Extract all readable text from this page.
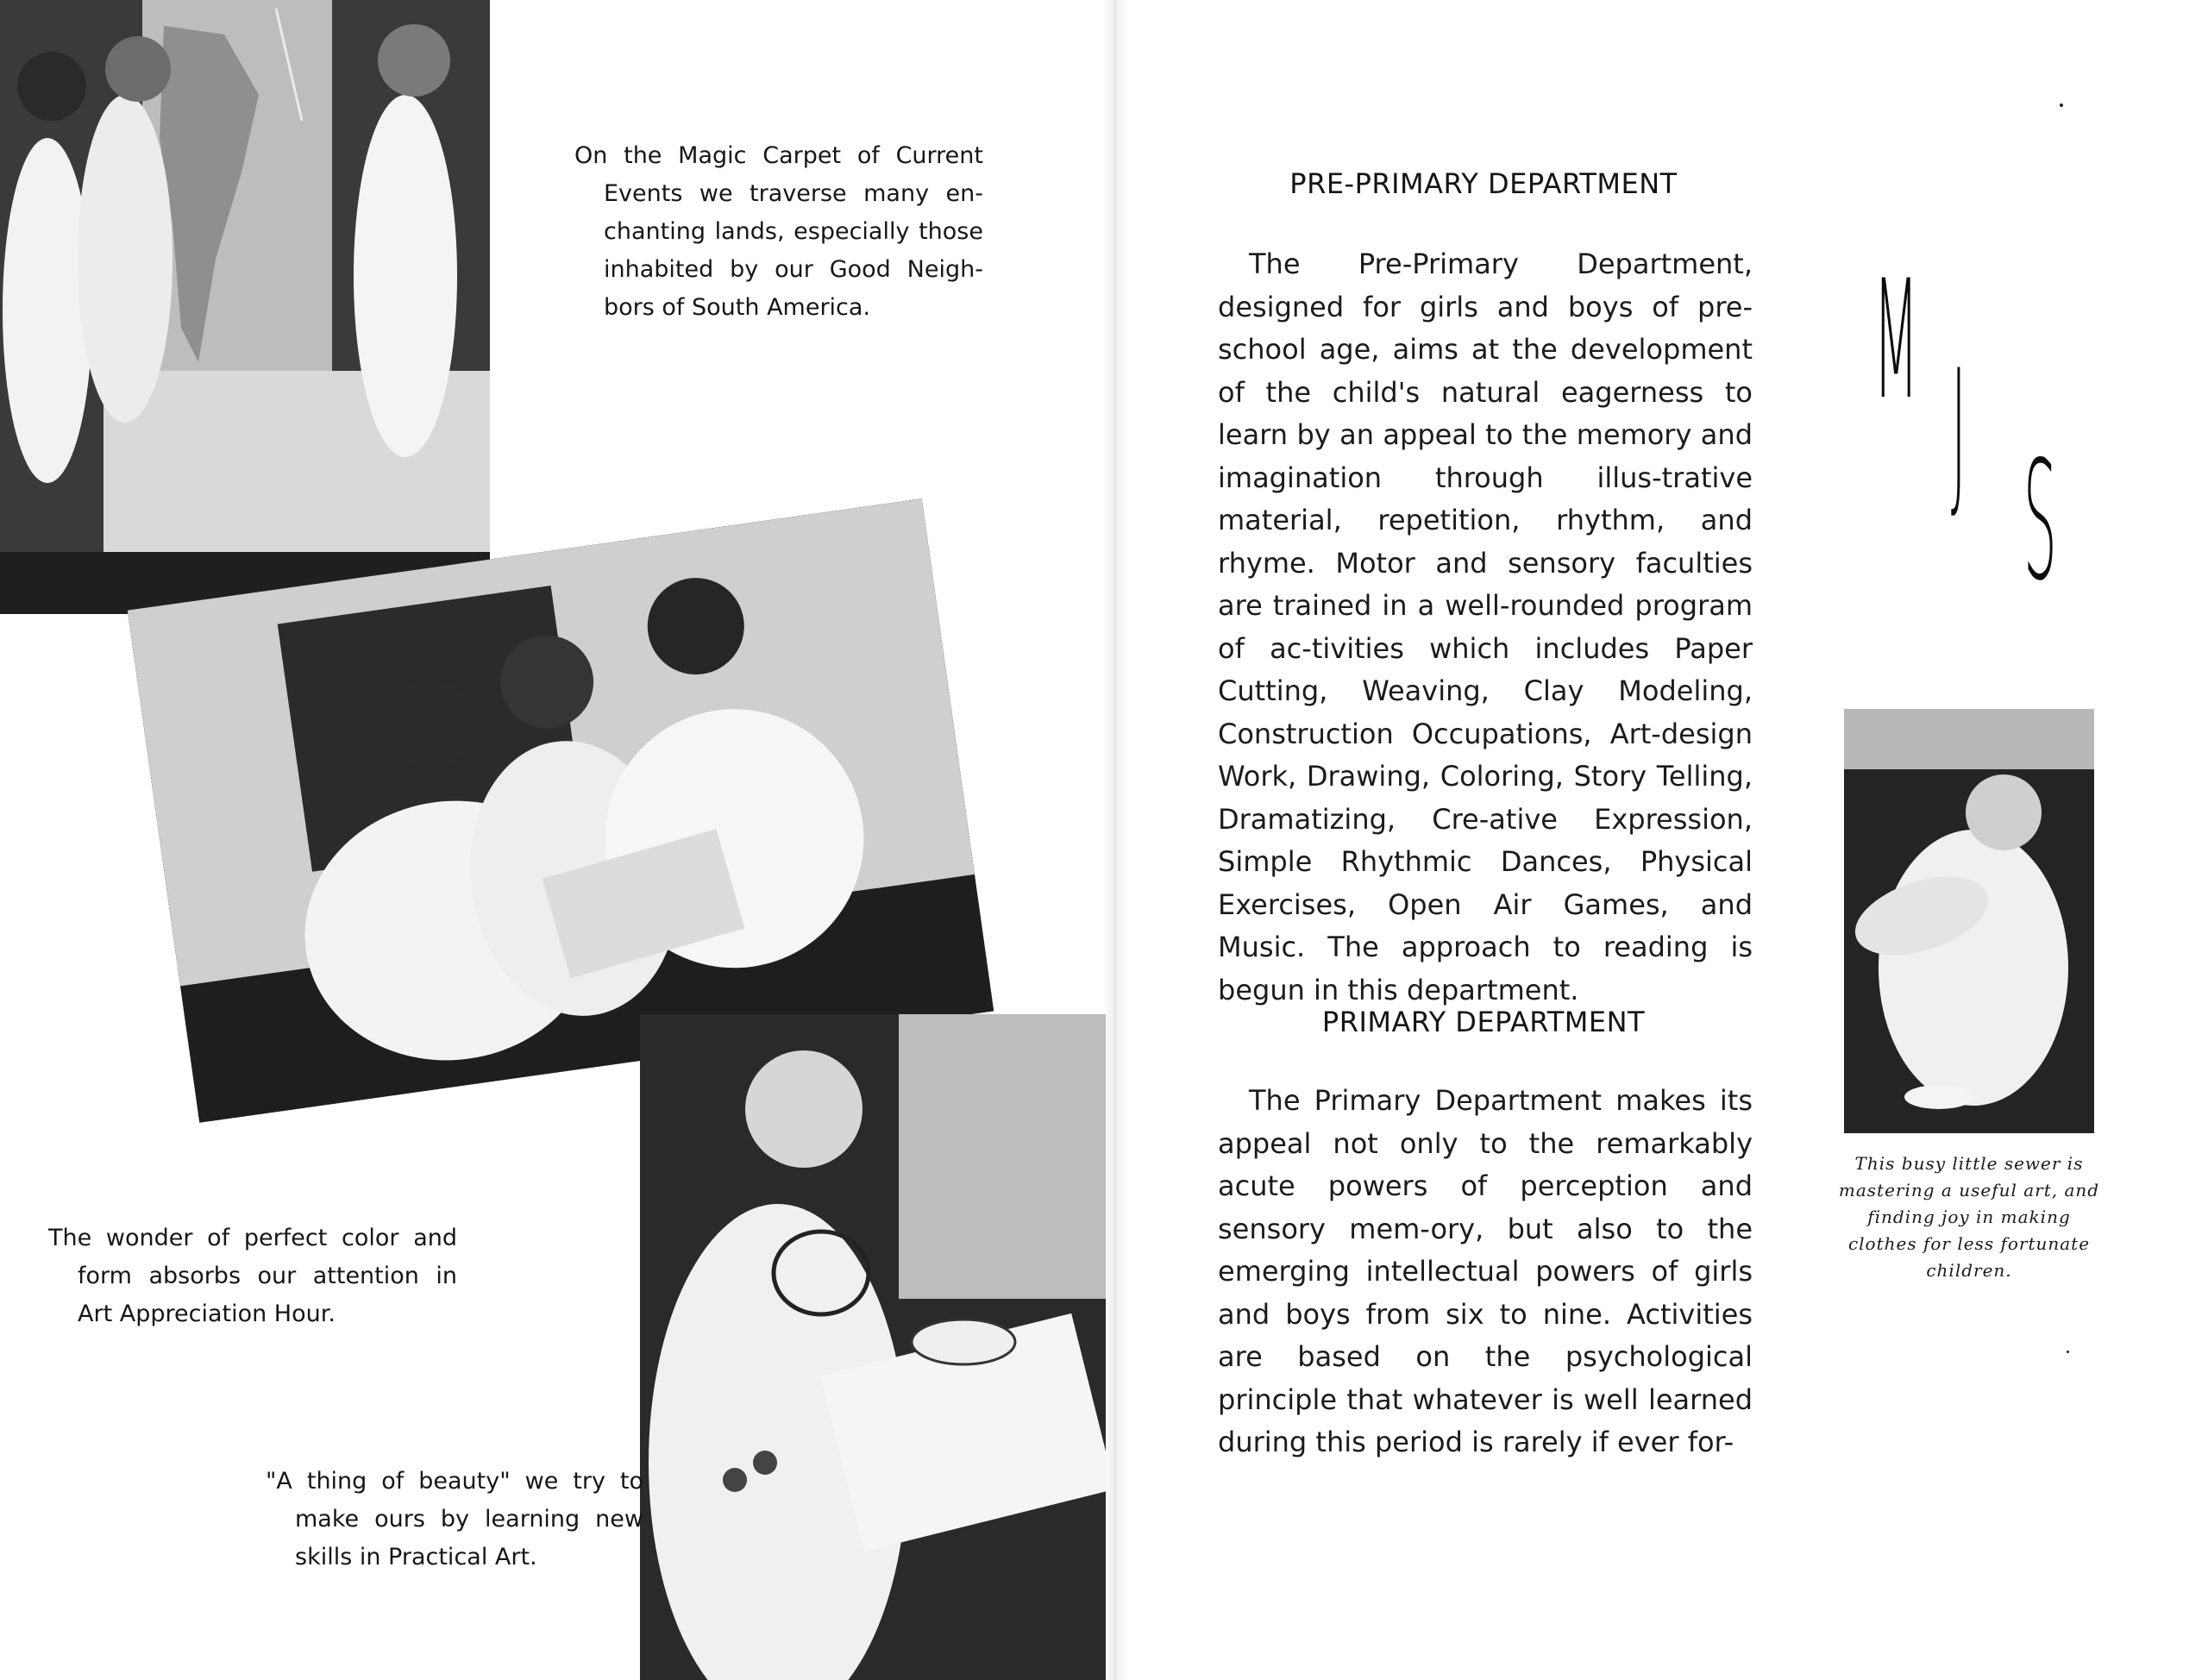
On the Magic Carpet of Current Events we traverse many en-chanting lands, especially those inhabited by our Good Neigh-bors of South America.
The wonder of perfect color and form absorbs our attention in Art Appreciation Hour.
"A thing of beauty" we try to make ours by learning new skills in Practical Art.
PRE-PRIMARY DEPARTMENT
The Pre-Primary Department, designed for girls and boys of pre-school age, aims at the development of the child's natural eagerness to learn by an appeal to the memory and imagination through illus-trative material, repetition, rhythm, and rhyme. Motor and sensory faculties are trained in a well-rounded program of ac-tivities which includes Paper Cutting, Weaving, Clay Modeling, Construction Occupations, Art-design Work, Drawing, Coloring, Story Telling, Dramatizing, Cre-ative Expression, Simple Rhythmic Dances, Physical Exercises, Open Air Games, and Music. The approach to reading is begun in this department.
PRIMARY DEPARTMENT
The Primary Department makes its appeal not only to the remarkably acute powers of perception and sensory mem-ory, but also to the emerging intellectual powers of girls and boys from six to nine. Activities are based on the psychological principle that whatever is well learned during this period is rarely if ever for-
M J S
This busy little sewer is mastering a useful art, and finding joy in making clothes for less fortunate children.
